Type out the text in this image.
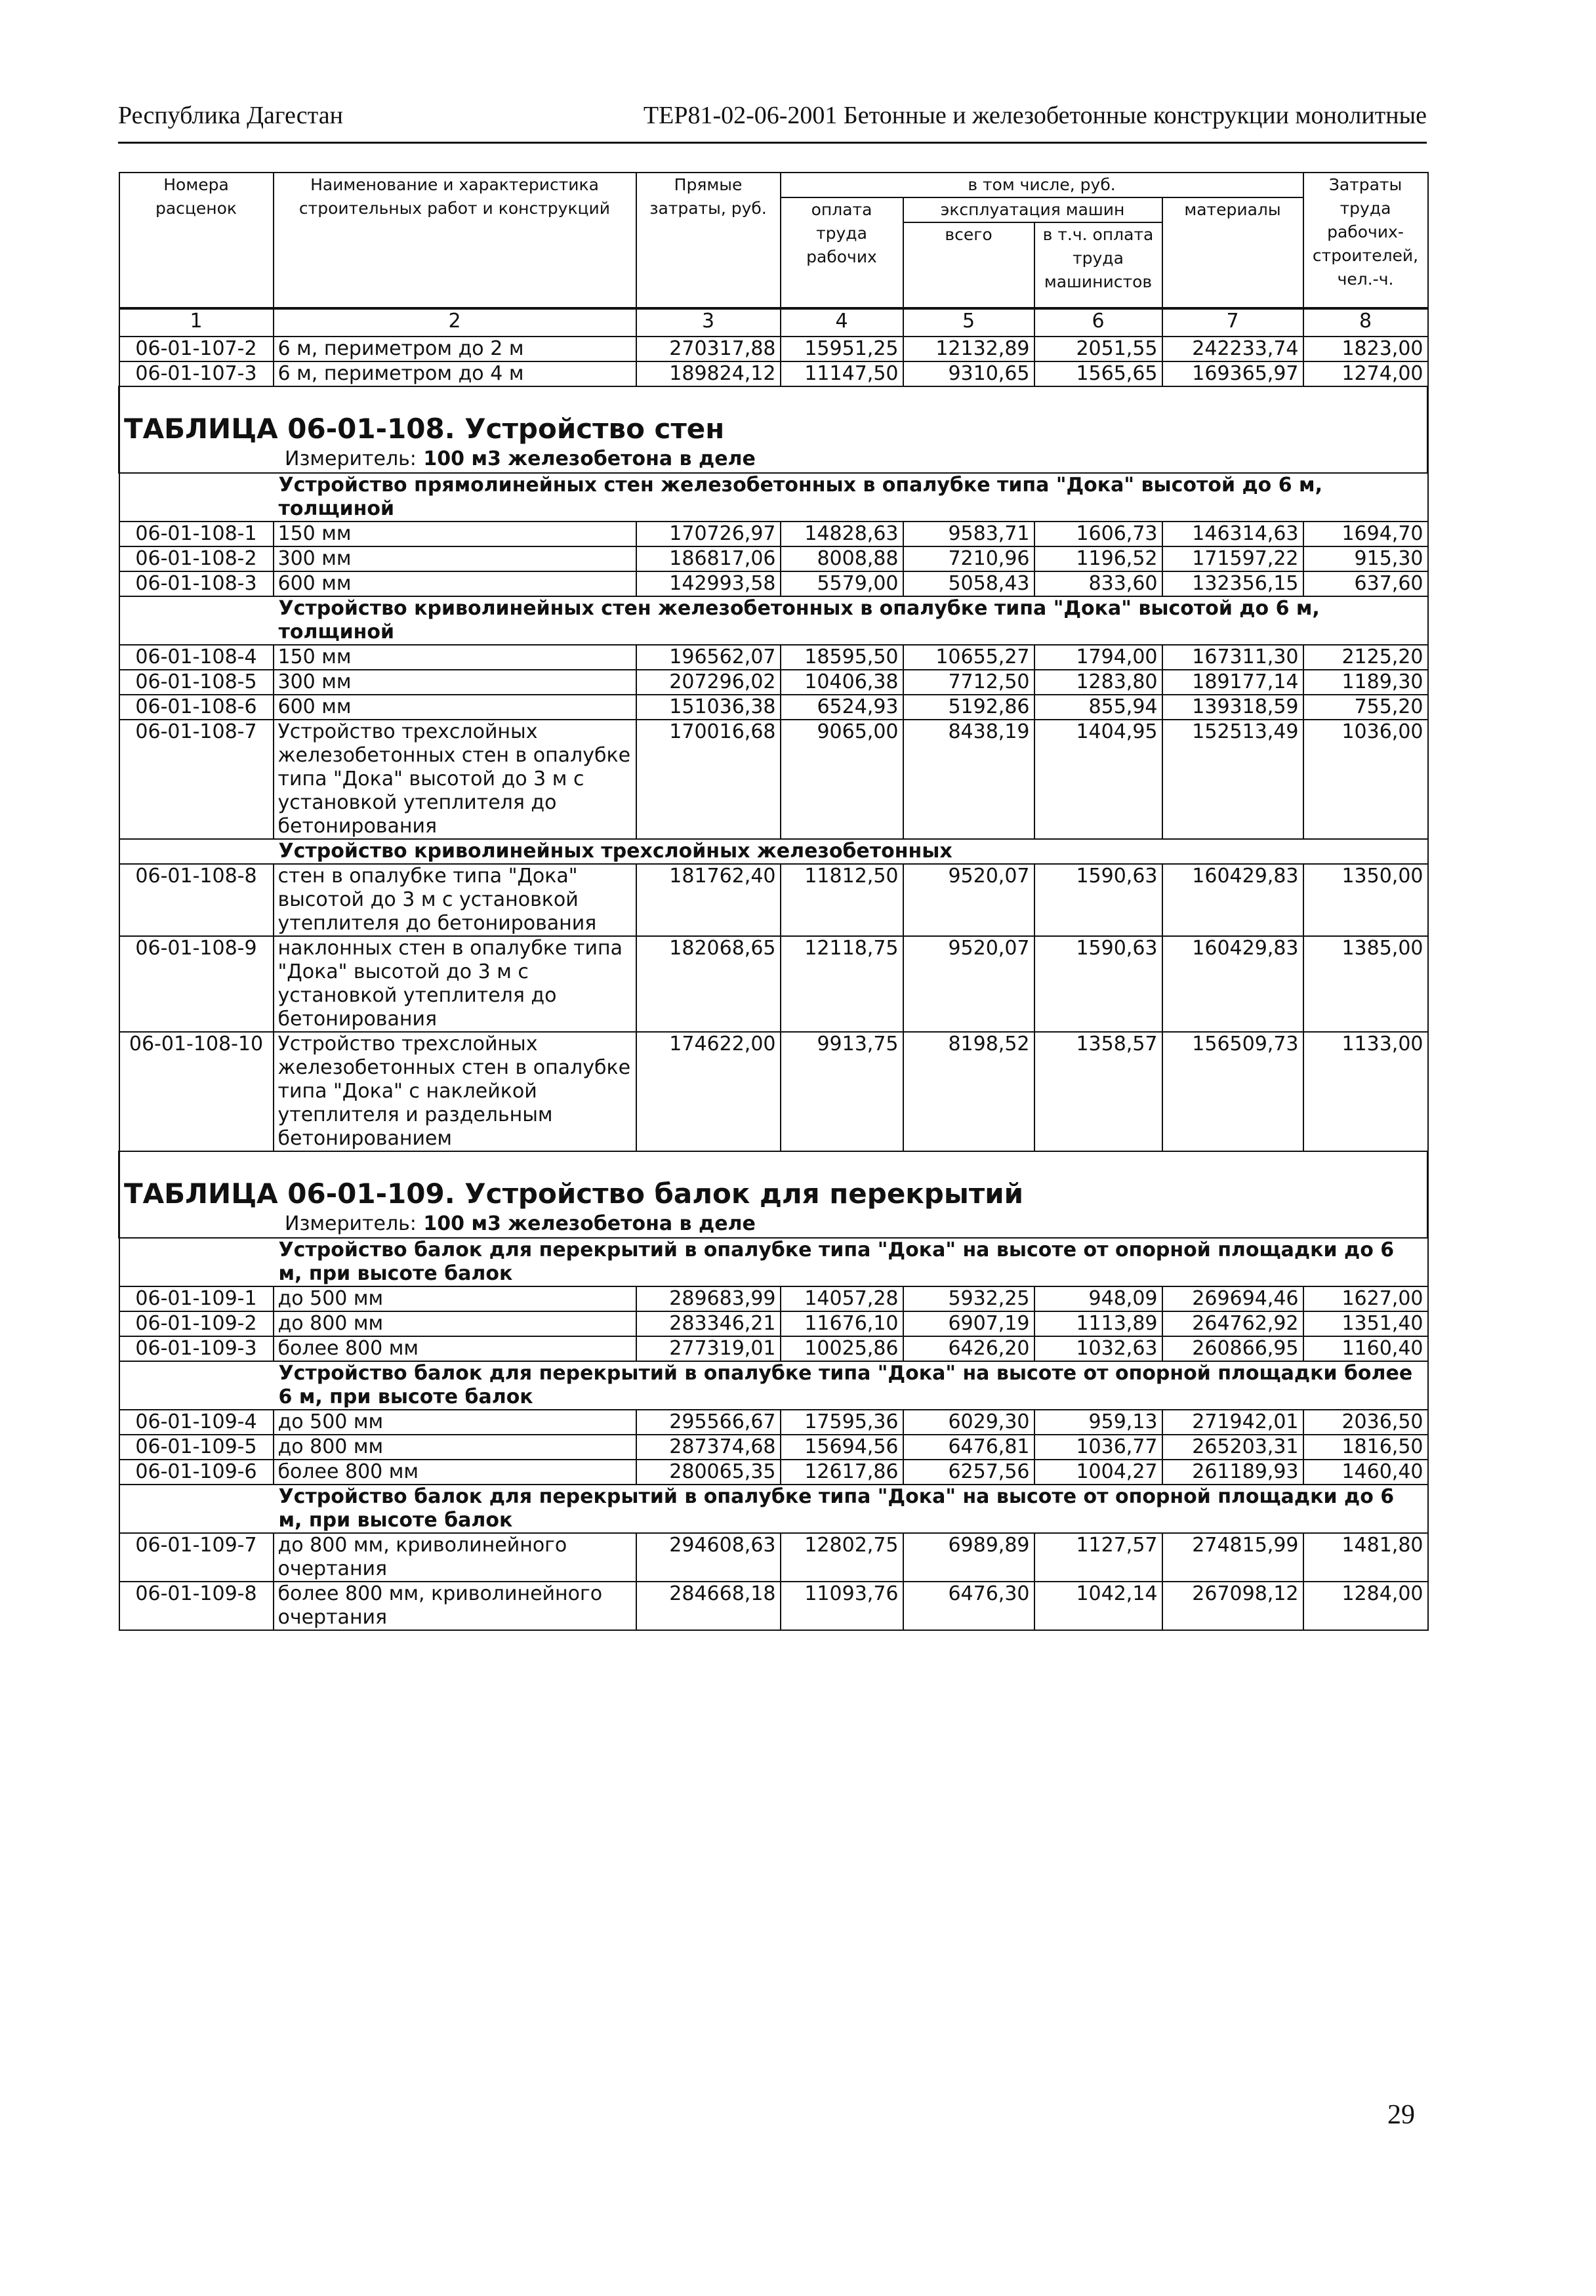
Республика Дагестан	ТЕР81-02-06-2001 Бетонные и железобетонные конструкции монолитные
Номера расценок	Наименование и характеристика строительных работ и конструкций	Прямые затраты, руб.	в том числе, руб.				Затраты труда рабочих-строителей, чел.-ч.
			оплата труда рабочих	эксплуатация машин		материалы	
				всего	в т.ч. оплата труда машинистов		
1	2	3	4	5	6	7	8
06-01-107-2	6 м, периметром до 2 м	270317,88	15951,25	12132,89	2051,55	242233,74	1823,00
06-01-107-3	6 м, периметром до 4 м	189824,12	11147,50	9310,65	1565,65	169365,97	1274,00

ТАБЛИЦА 06-01-108. Устройство стен
Измеритель: 100 м3 железобетона в деле							

Устройство прямолинейных стен железобетонных в опалубке типа "Дока" высотой до 6 м, толщиной							
06-01-108-1	150 мм	170726,97	14828,63	9583,71	1606,73	146314,63	1694,70
06-01-108-2	300 мм	186817,06	8008,88	7210,96	1196,52	171597,22	915,30
06-01-108-3	600 мм	142993,58	5579,00	5058,43	833,60	132356,15	637,60
Устройство криволинейных стен железобетонных в опалубке типа "Дока" высотой до 6 м, толщиной							
06-01-108-4	150 мм	196562,07	18595,50	10655,27	1794,00	167311,30	2125,20
06-01-108-5	300 мм	207296,02	10406,38	7712,50	1283,80	189177,14	1189,30
06-01-108-6	600 мм	151036,38	6524,93	5192,86	855,94	139318,59	755,20
06-01-108-7	Устройство трехслойных железобетонных стен в опалубке типа "Дока" высотой до 3 м с установкой утеплителя до бетонирования	170016,68	9065,00	8438,19	1404,95	152513,49	1036,00
Устройство криволинейных трехслойных железобетонных							
06-01-108-8	стен в опалубке типа "Дока" высотой до 3 м с установкой утеплителя до бетонирования	181762,40	11812,50	9520,07	1590,63	160429,83	1350,00
06-01-108-9	наклонных стен в опалубке типа "Дока" высотой до 3 м с установкой утеплителя до бетонирования	182068,65	12118,75	9520,07	1590,63	160429,83	1385,00
06-01-108-10	Устройство трехслойных железобетонных стен в опалубке типа "Дока" с наклейкой утеплителя и раздельным бетонированием	174622,00	9913,75	8198,52	1358,57	156509,73	1133,00

ТАБЛИЦА 06-01-109. Устройство балок для перекрытий
Измеритель: 100 м3 железобетона в деле							

Устройство балок для перекрытий в опалубке типа "Дока" на высоте от опорной площадки до 6 м, при высоте балок							
06-01-109-1	до 500 мм	289683,99	14057,28	5932,25	948,09	269694,46	1627,00
06-01-109-2	до 800 мм	283346,21	11676,10	6907,19	1113,89	264762,92	1351,40
06-01-109-3	более 800 мм	277319,01	10025,86	6426,20	1032,63	260866,95	1160,40
Устройство балок для перекрытий в опалубке типа "Дока" на высоте от опорной площадки более 6 м, при высоте балок							
06-01-109-4	до 500 мм	295566,67	17595,36	6029,30	959,13	271942,01	2036,50
06-01-109-5	до 800 мм	287374,68	15694,56	6476,81	1036,77	265203,31	1816,50
06-01-109-6	более 800 мм	280065,35	12617,86	6257,56	1004,27	261189,93	1460,40
Устройство балок для перекрытий в опалубке типа "Дока" на высоте от опорной площадки до 6 м, при высоте балок							
06-01-109-7	до 800 мм, криволинейного очертания	294608,63	12802,75	6989,89	1127,57	274815,99	1481,80
06-01-109-8	более 800 мм, криволинейного очертания	284668,18	11093,76	6476,30	1042,14	267098,12	1284,00
29
